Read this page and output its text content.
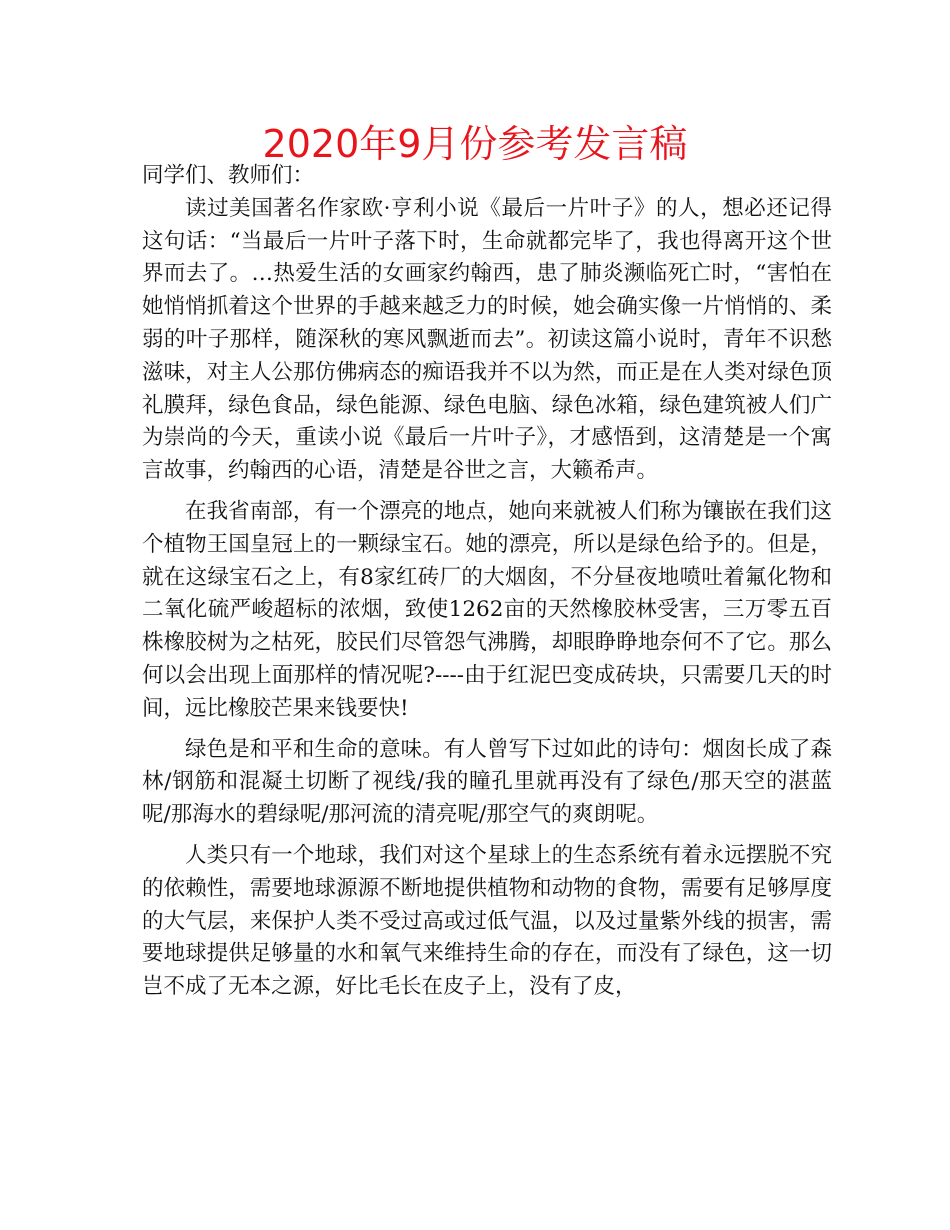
2020年9月份参考发言稿

同学们、教师们：

读过美国著名作家欧·亨利小说《最后一片叶子》的人，想必还记得这句话：“当最后一片叶子落下时，生命就都完毕了，我也得离开这个世界而去了。…热爱生活的女画家约翰西，患了肺炎濒临死亡时，“害怕在她悄悄抓着这个世界的手越来越乏力的时候，她会确实像一片悄悄的、柔弱的叶子那样，随深秋的寒风飘逝而去”。初读这篇小说时，青年不识愁滋味，对主人公那仿佛病态的痴语我并不以为然，而正是在人类对绿色顶礼膜拜，绿色食品，绿色能源、绿色电脑、绿色冰箱，绿色建筑被人们广为崇尚的今天，重读小说《最后一片叶子》，才感悟到，这清楚是一个寓言故事，约翰西的心语，清楚是谷世之言，大籁希声。

在我省南部，有一个漂亮的地点，她向来就被人们称为镶嵌在我们这个植物王国皇冠上的一颗绿宝石。她的漂亮，所以是绿色给予的。但是，就在这绿宝石之上，有8家红砖厂的大烟囱，不分昼夜地喷吐着氟化物和二氧化硫严峻超标的浓烟，致使1262亩的天然橡胶林受害，三万零五百株橡胶树为之枯死，胶民们尽管怨气沸腾，却眼睁睁地奈何不了它。那么何以会出现上面那样的情况呢?----由于红泥巴变成砖块，只需要几天的时间，远比橡胶芒果来钱要快!

绿色是和平和生命的意味。有人曾写下过如此的诗句：烟囱长成了森林/钢筋和混凝土切断了视线/我的瞳孔里就再没有了绿色/那天空的湛蓝呢/那海水的碧绿呢/那河流的清亮呢/那空气的爽朗呢。

人类只有一个地球，我们对这个星球上的生态系统有着永远摆脱不究的依赖性，需要地球源源不断地提供植物和动物的食物，需要有足够厚度的大气层，来保护人类不受过高或过低气温，以及过量紫外线的损害，需要地球提供足够量的水和氧气来维持生命的存在，而没有了绿色，这一切岂不成了无本之源，好比毛长在皮子上，没有了皮，
